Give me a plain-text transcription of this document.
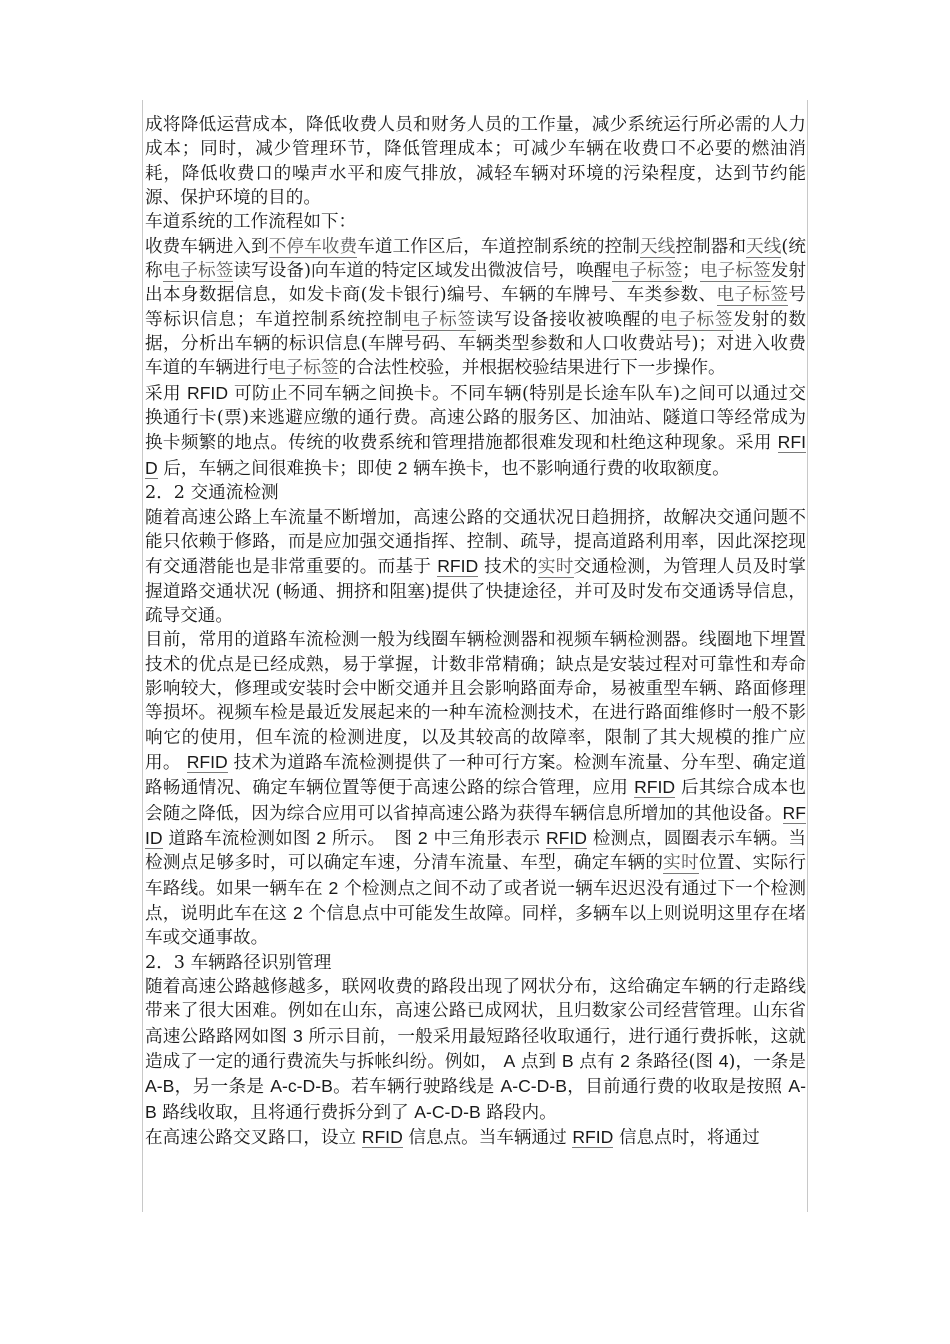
成将降低运营成本，降低收费人员和财务人员的工作量，减少系统运行所必需的人力成本；同时，减少管理环节，降低管理成本；可减少车辆在收费口不必要的燃油消耗，降低收费口的噪声水平和废气排放，减轻车辆对环境的污染程度，达到节约能源、保护环境的目的。

车道系统的工作流程如下：

收费车辆进入到不停车收费车道工作区后，车道控制系统的控制天线控制器和天线(统称电子标签读写设备)向车道的特定区域发出微波信号，唤醒电子标签；电子标签发射出本身数据信息，如发卡商(发卡银行)编号、车辆的车牌号、车类参数、电子标签号等标识信息；车道控制系统控制电子标签读写设备接收被唤醒的电子标签发射的数据，分析出车辆的标识信息(车牌号码、车辆类型参数和人口收费站号)；对进入收费车道的车辆进行电子标签的合法性校验，并根据校验结果进行下一步操作。

采用 RFID 可防止不同车辆之间换卡。不同车辆(特别是长途车队车)之间可以通过交换通行卡(票)来逃避应缴的通行费。高速公路的服务区、加油站、隧道口等经常成为换卡频繁的地点。传统的收费系统和管理措施都很难发现和杜绝这种现象。采用 RFID 后，车辆之间很难换卡；即使 2 辆车换卡，也不影响通行费的收取额度。

2．2 交通流检测

随着高速公路上车流量不断增加，高速公路的交通状况日趋拥挤，故解决交通问题不能只依赖于修路，而是应加强交通指挥、控制、疏导，提高道路利用率，因此深挖现有交通潜能也是非常重要的。而基于 RFID 技术的实时交通检测，为管理人员及时掌握道路交通状况 (畅通、拥挤和阻塞)提供了快捷途径，并可及时发布交通诱导信息，疏导交通。

目前，常用的道路车流检测一般为线圈车辆检测器和视频车辆检测器。线圈地下埋置技术的优点是已经成熟，易于掌握，计数非常精确；缺点是安装过程对可靠性和寿命影响较大，修理或安装时会中断交通并且会影响路面寿命，易被重型车辆、路面修理等损坏。视频车检是最近发展起来的一种车流检测技术，在进行路面维修时一般不影响它的使用，但车流的检测进度，以及其较高的故障率，限制了其大规模的推广应用。 RFID 技术为道路车流检测提供了一种可行方案。检测车流量、分车型、确定道路畅通情况、确定车辆位置等便于高速公路的综合管理，应用 RFID 后其综合成本也会随之降低，因为综合应用可以省掉高速公路为获得车辆信息所增加的其他设备。RFID 道路车流检测如图 2 所示。　图 2 中三角形表示 RFID 检测点，圆圈表示车辆。当检测点足够多时，可以确定车速，分清车流量、车型，确定车辆的实时位置、实际行车路线。如果一辆车在 2 个检测点之间不动了或者说一辆车迟迟没有通过下一个检测点，说明此车在这 2 个信息点中可能发生故障。同样，多辆车以上则说明这里存在堵车或交通事故。

2．3 车辆路径识别管理

随着高速公路越修越多，联网收费的路段出现了网状分布，这给确定车辆的行走路线带来了很大困难。例如在山东，高速公路已成网状，且归数家公司经营管理。山东省高速公路路网如图 3 所示目前，一般采用最短路径收取通行，进行通行费拆帐，这就造成了一定的通行费流失与拆帐纠纷。例如， A 点到 B 点有 2 条路径(图 4)，一条是 A-B，另一条是 A-c-D-B。若车辆行驶路线是 A-C-D-B，目前通行费的收取是按照 A-B 路线收取，且将通行费拆分到了 A-C-D-B 路段内。

在高速公路交叉路口，设立 RFID 信息点。当车辆通过 RFID 信息点时，将通过
